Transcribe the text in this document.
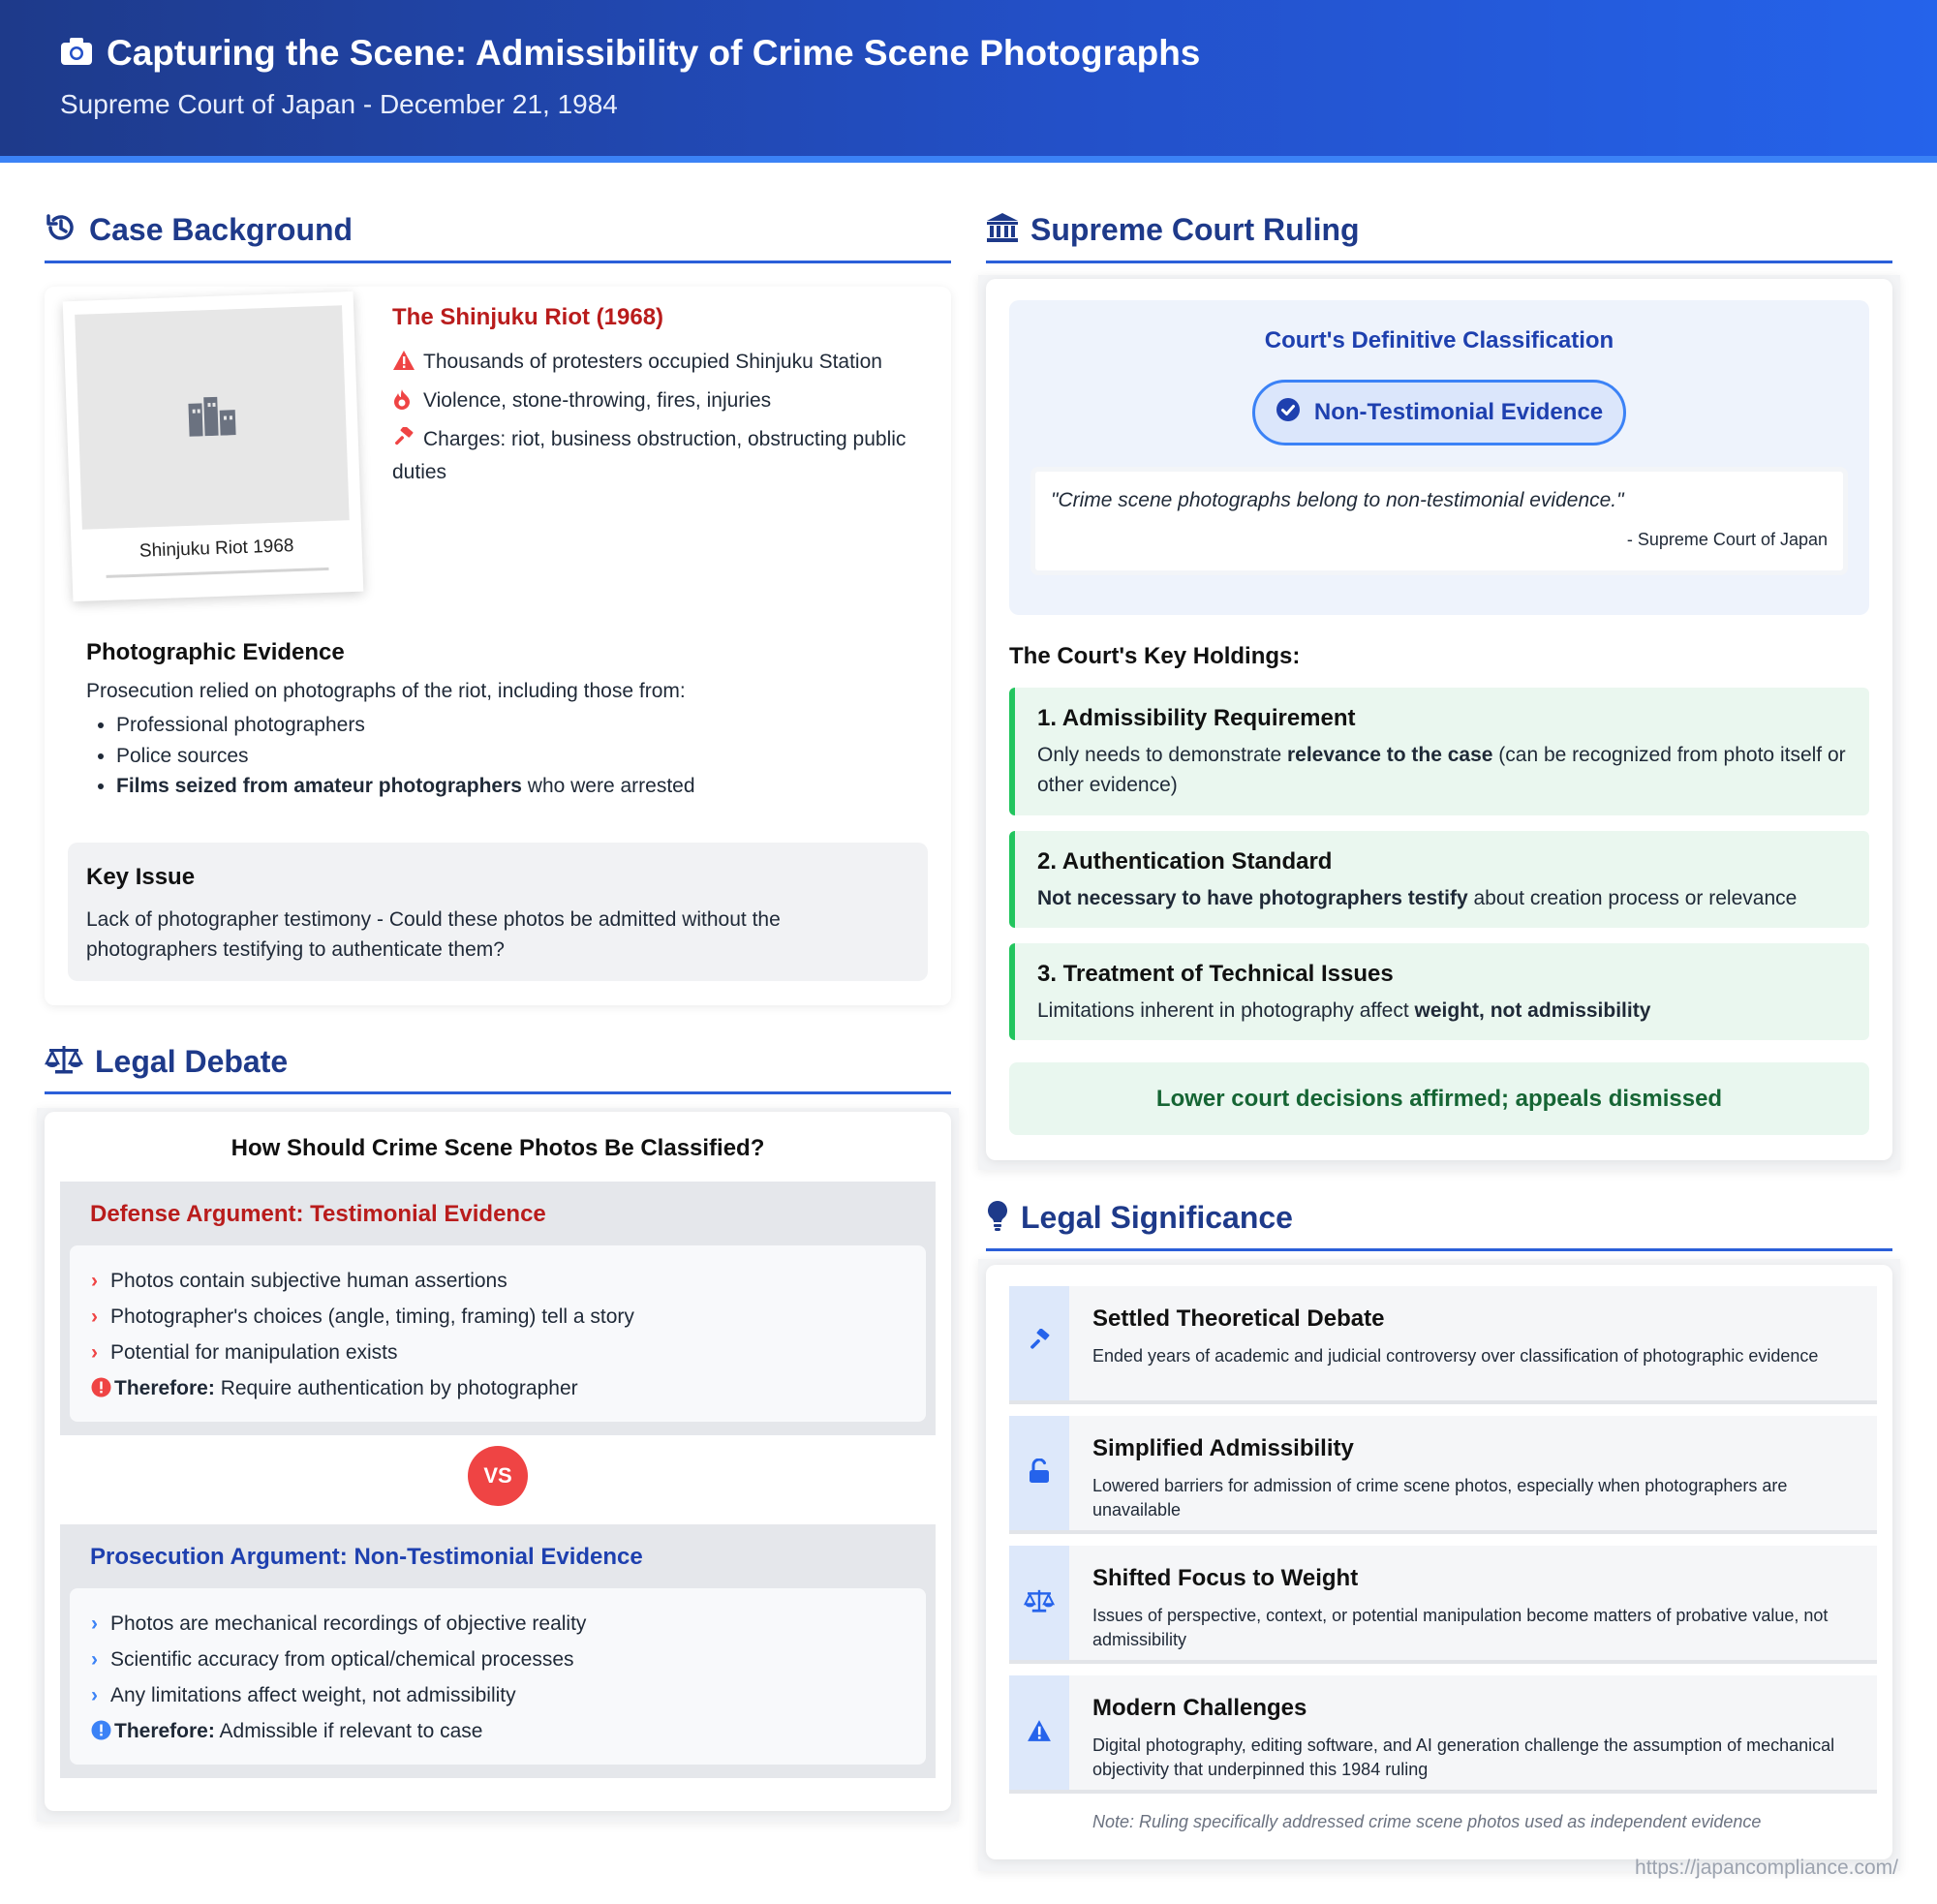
Capturing the Scene: Admissibility of Crime Scene Photographs
Supreme Court of Japan - December 21, 1984
Case Background
Shinjuku Riot 1968
The Shinjuku Riot (1968)
Thousands of protesters occupied Shinjuku Station
Violence, stone-throwing, fires, injuries
Charges: riot, business obstruction, obstructing public duties
Photographic Evidence
Prosecution relied on photographs of the riot, including those from:
• Professional photographers
• Police sources
• Films seized from amateur photographers who were arrested
Key Issue
Lack of photographer testimony - Could these photos be admitted without the photographers testifying to authenticate them?
Legal Debate
How Should Crime Scene Photos Be Classified?
Defense Argument: Testimonial Evidence
› Photos contain subjective human assertions
› Photographer's choices (angle, timing, framing) tell a story
› Potential for manipulation exists
Therefore: Require authentication by photographer
VS
Prosecution Argument: Non-Testimonial Evidence
› Photos are mechanical recordings of objective reality
› Scientific accuracy from optical/chemical processes
› Any limitations affect weight, not admissibility
Therefore: Admissible if relevant to case
Supreme Court Ruling
Court's Definitive Classification
Non-Testimonial Evidence
"Crime scene photographs belong to non-testimonial evidence."
- Supreme Court of Japan
The Court's Key Holdings:
1. Admissibility Requirement
Only needs to demonstrate relevance to the case (can be recognized from photo itself or other evidence)
2. Authentication Standard
Not necessary to have photographers testify about creation process or relevance
3. Treatment of Technical Issues
Limitations inherent in photography affect weight, not admissibility
Lower court decisions affirmed; appeals dismissed
Legal Significance
Settled Theoretical Debate
Ended years of academic and judicial controversy over classification of photographic evidence
Simplified Admissibility
Lowered barriers for admission of crime scene photos, especially when photographers are unavailable
Shifted Focus to Weight
Issues of perspective, context, or potential manipulation become matters of probative value, not admissibility
Modern Challenges
Digital photography, editing software, and AI generation challenge the assumption of mechanical objectivity that underpinned this 1984 ruling
Note: Ruling specifically addressed crime scene photos used as independent evidence
https://japancompliance.com/
